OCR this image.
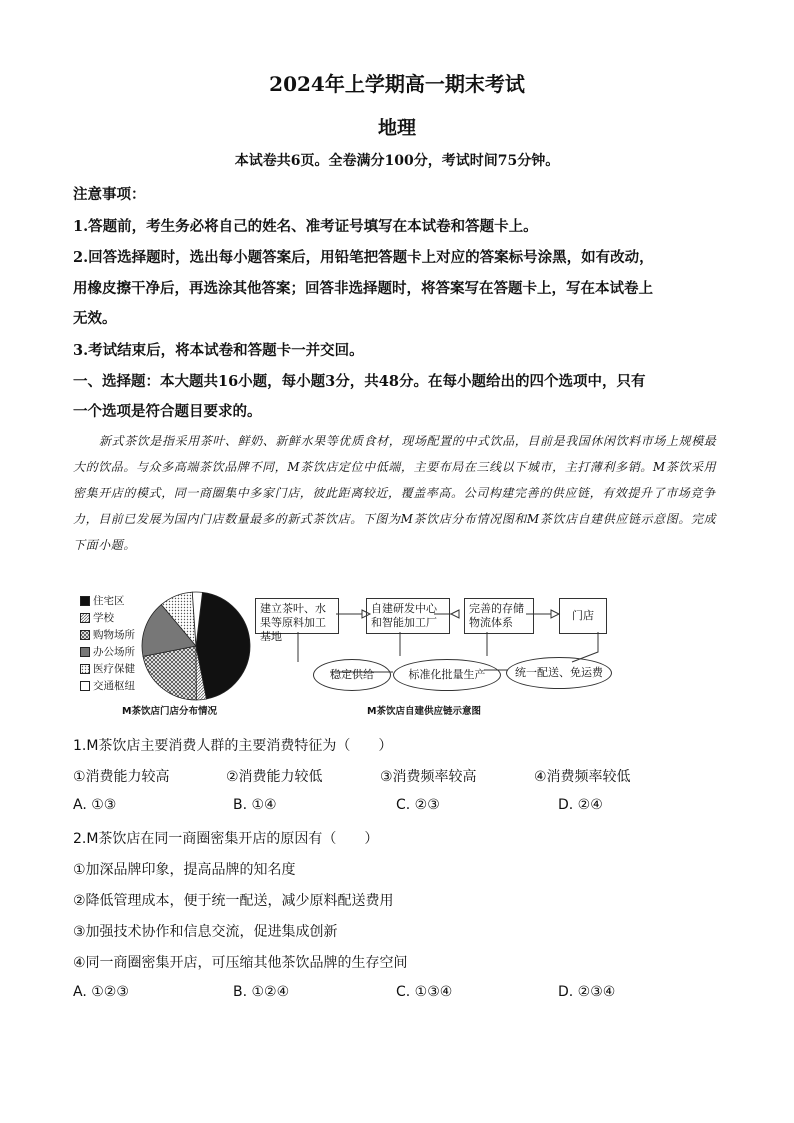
2024年上学期高一期末考试
地理
本试卷共6页。全卷满分100分，考试时间75分钟。
注意事项：
1.答题前，考生务必将自己的姓名、准考证号填写在本试卷和答题卡上。
2.回答选择题时，选出每小题答案后，用铅笔把答题卡上对应的答案标号涂黑，如有改动，
用橡皮擦干净后，再选涂其他答案；回答非选择题时，将答案写在答题卡上，写在本试卷上
无效。
3.考试结束后，将本试卷和答题卡一并交回。
一、选择题：本大题共16小题，每小题3分，共48分。在每小题给出的四个选项中，只有
一个选项是符合题目要求的。
新式茶饮是指采用茶叶、鲜奶、新鲜水果等优质食材，现场配置的中式饮品，目前是我国休闲饮料市场上规模最大的饮品。与众多高端茶饮品牌不同，M茶饮店定位中低端，主要布局在三线以下城市，主打薄利多销。M茶饮采用密集开店的模式，同一商圈集中多家门店，彼此距离较近，覆盖率高。公司构建完善的供应链，有效提升了市场竞争力，目前已发展为国内门店数量最多的新式茶饮店。下图为M茶饮店分布情况图和M茶饮店自建供应链示意图。完成下面小题。
住宅区
学校
购物场所
办公场所
医疗保健
交通枢纽
M茶饮店门店分布情况
建立茶叶、水果等原料加工基地
自建研发中心和智能加工厂
完善的存储物流体系
门店
稳定供给	标准化批量生产	统一配送、免运费
M茶饮店自建供应链示意图
1.M茶饮店主要消费人群的主要消费特征为（　　）
①消费能力较高	②消费能力较低	③消费频率较高	④消费频率较低
A. ①③	B. ①④	C. ②③	D. ②④
2.M茶饮店在同一商圈密集开店的原因有（　　）
①加深品牌印象，提高品牌的知名度
②降低管理成本，便于统一配送，减少原料配送费用
③加强技术协作和信息交流，促进集成创新
④同一商圈密集开店，可压缩其他茶饮品牌的生存空间
A. ①②③	B. ①②④	C. ①③④	D. ②③④
